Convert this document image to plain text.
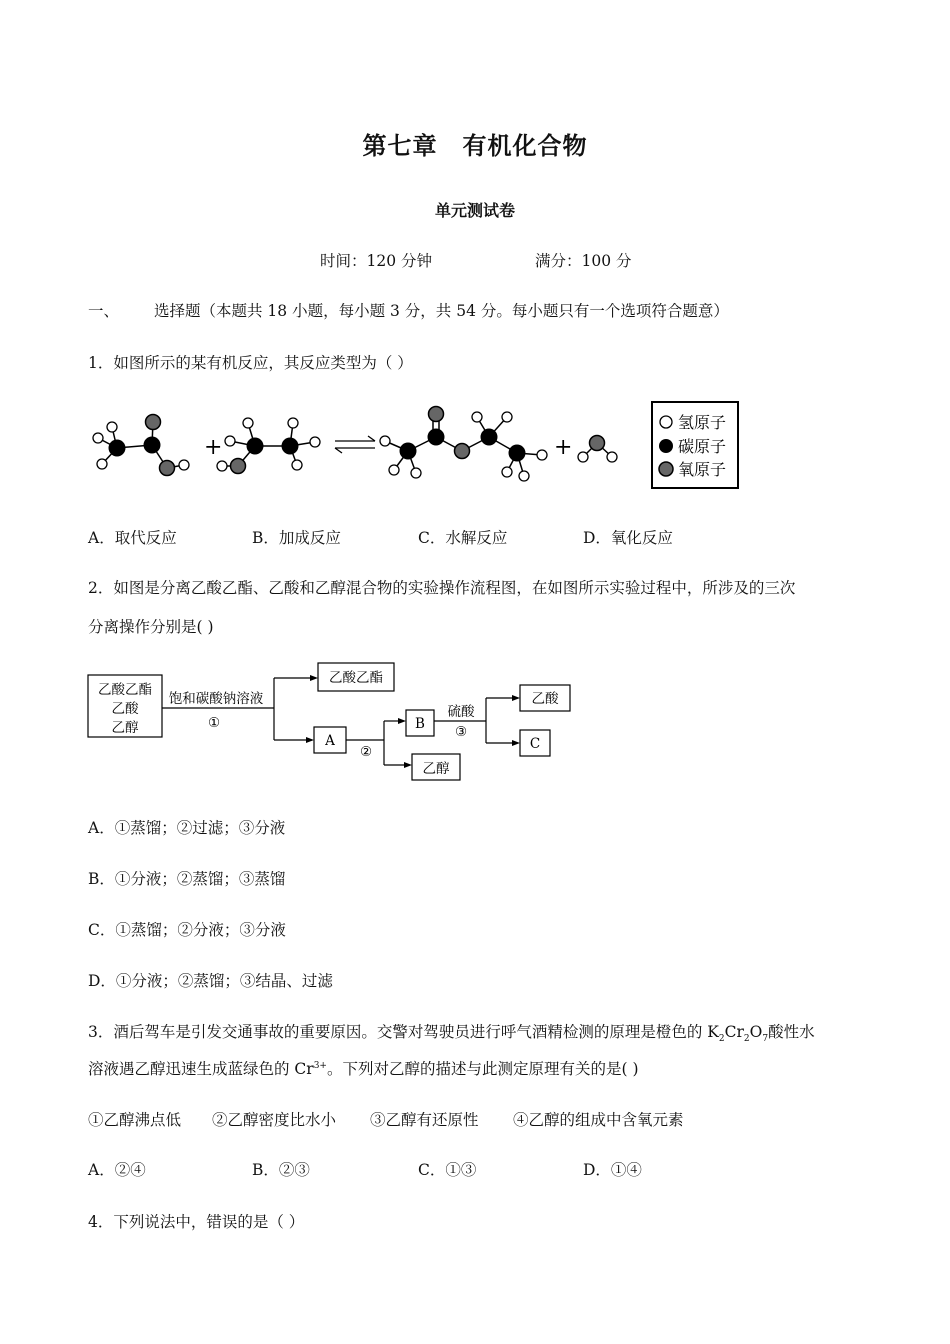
第七章　有机化合物
单元测试卷
时间：120 分钟	满分：100 分
一、 选择题（本题共 18 小题，每小题 3 分，共 54 分。每小题只有一个选项符合题意）
1．如图所示的某有机反应，其反应类型为（ ）
+	+
氢原子
碳原子
氧原子
A．取代反应	B．加成反应	C．水解反应	D．氧化反应
2．如图是分离乙酸乙酯、乙酸和乙醇混合物的实验操作流程图，在如图所示实验过程中，所涉及的三次
分离操作分别是( )
乙酸乙酯
乙酸
乙醇
饱和碳酸钠溶液
①
乙酸乙酯
A
②
B
乙醇
硫酸
③
乙酸
C
A．①蒸馏；②过滤；③分液
B．①分液；②蒸馏；③蒸馏
C．①蒸馏；②分液；③分液
D．①分液；②蒸馏；③结晶、过滤
3．酒后驾车是引发交通事故的重要原因。交警对驾驶员进行呼气酒精检测的原理是橙色的 $K_2Cr_2O_7$酸性水
溶液遇乙醇迅速生成蓝绿色的 $Cr^{3+}$。下列对乙醇的描述与此测定原理有关的是( )
①乙醇沸点低 ②乙醇密度比水小 ③乙醇有还原性 ④乙醇的组成中含氧元素
A．②④	B．②③	C．①③	D．①④
4．下列说法中，错误的是（ ）
